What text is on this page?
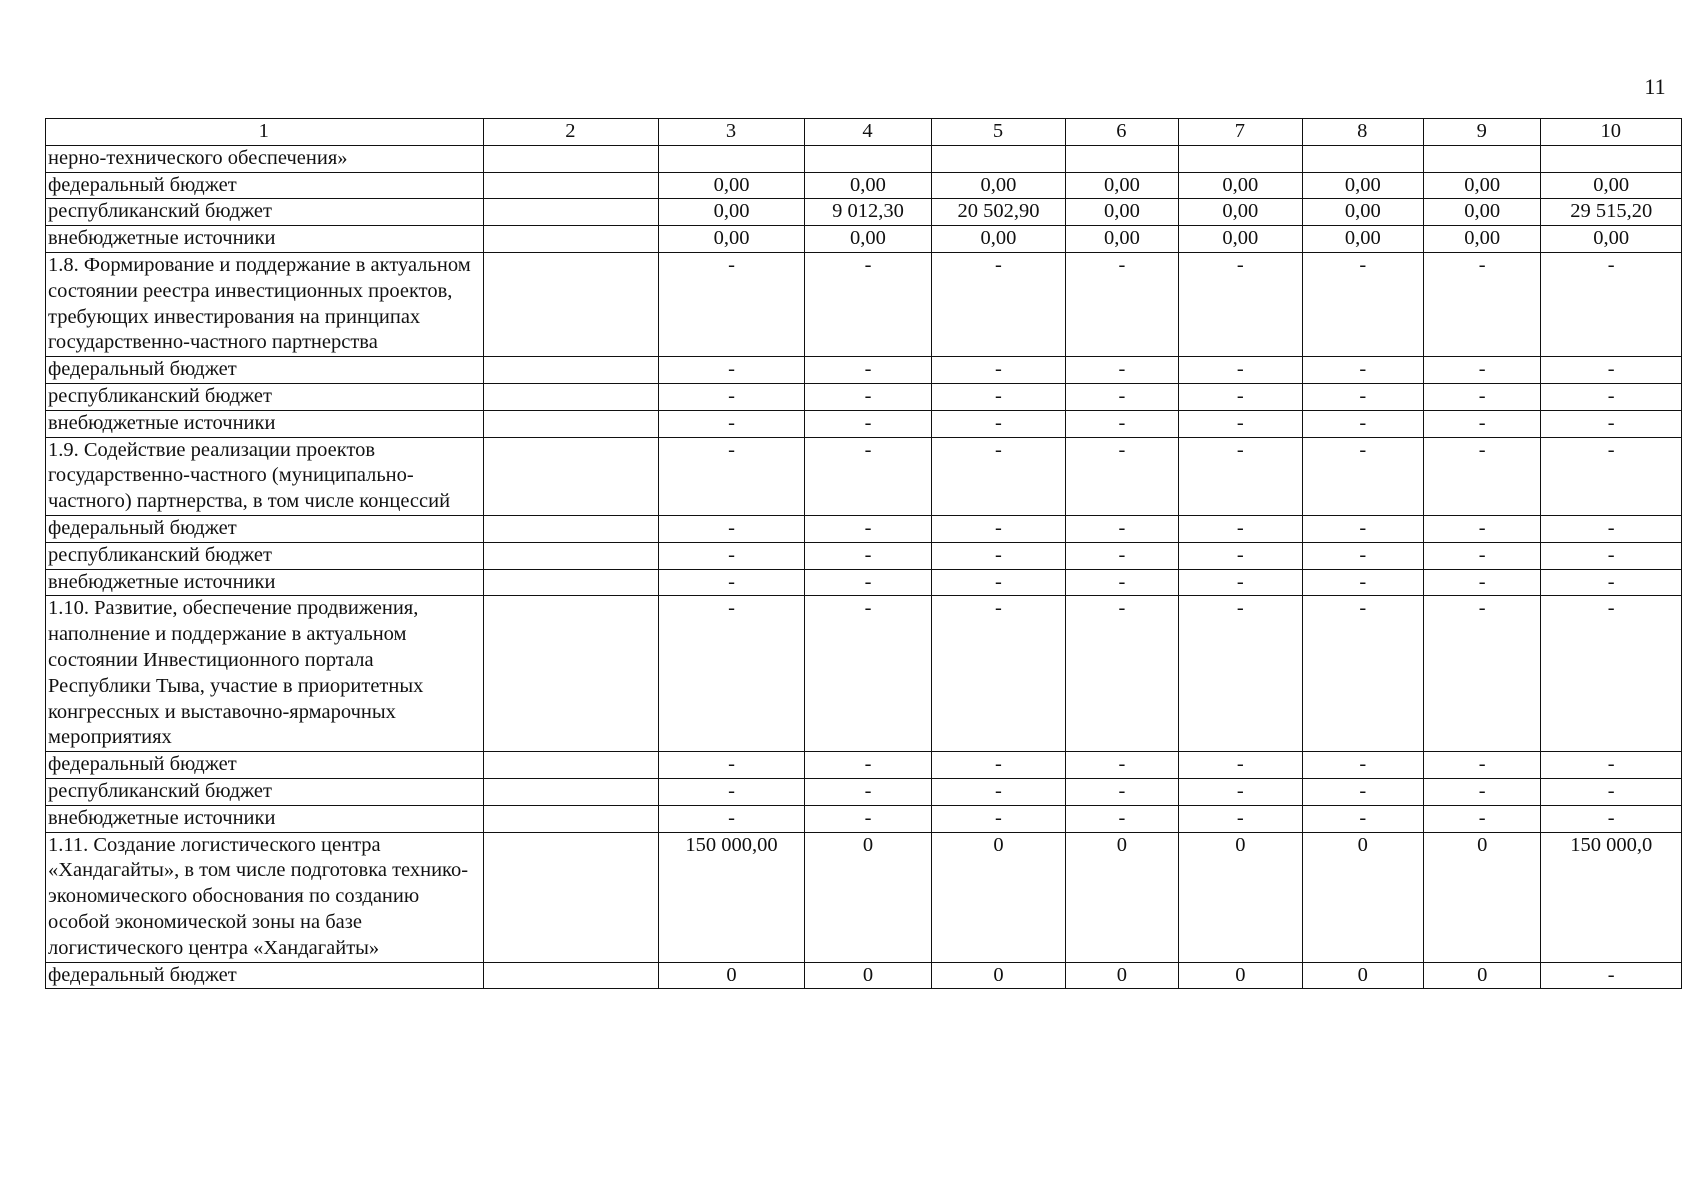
11
1	2	3	4	5	6	7	8	9	10
нерно-технического обеспечения»									
федеральный бюджет		0,00	0,00	0,00	0,00	0,00	0,00	0,00	0,00
республиканский бюджет		0,00	9 012,30	20 502,90	0,00	0,00	0,00	0,00	29 515,20
внебюджетные источники		0,00	0,00	0,00	0,00	0,00	0,00	0,00	0,00
1.8. Формирование и поддержание в актуальном состоянии реестра инвестиционных проектов, требующих инвестирования на принципах государственно-частного партнерства		-	-	-	-	-	-	-	-
федеральный бюджет		-	-	-	-	-	-	-	-
республиканский бюджет		-	-	-	-	-	-	-	-
внебюджетные источники		-	-	-	-	-	-	-	-
1.9. Содействие реализации проектов государственно-частного (муниципально-частного) партнерства, в том числе концессий		-	-	-	-	-	-	-	-
федеральный бюджет		-	-	-	-	-	-	-	-
республиканский бюджет		-	-	-	-	-	-	-	-
внебюджетные источники		-	-	-	-	-	-	-	-
1.10. Развитие, обеспечение продвижения, наполнение и поддержание в актуальном состоянии Инвестиционного портала Республики Тыва, участие в приоритетных конгрессных и выставочно-ярмарочных мероприятиях		-	-	-	-	-	-	-	-
федеральный бюджет		-	-	-	-	-	-	-	-
республиканский бюджет		-	-	-	-	-	-	-	-
внебюджетные источники		-	-	-	-	-	-	-	-
1.11. Создание логистического центра «Хандагайты», в том числе подготовка технико-экономического обоснования по созданию особой экономической зоны на базе логистического центра «Хандагайты»		150 000,00	0	0	0	0	0	0	150 000,0
федеральный бюджет		0	0	0	0	0	0	0	-
